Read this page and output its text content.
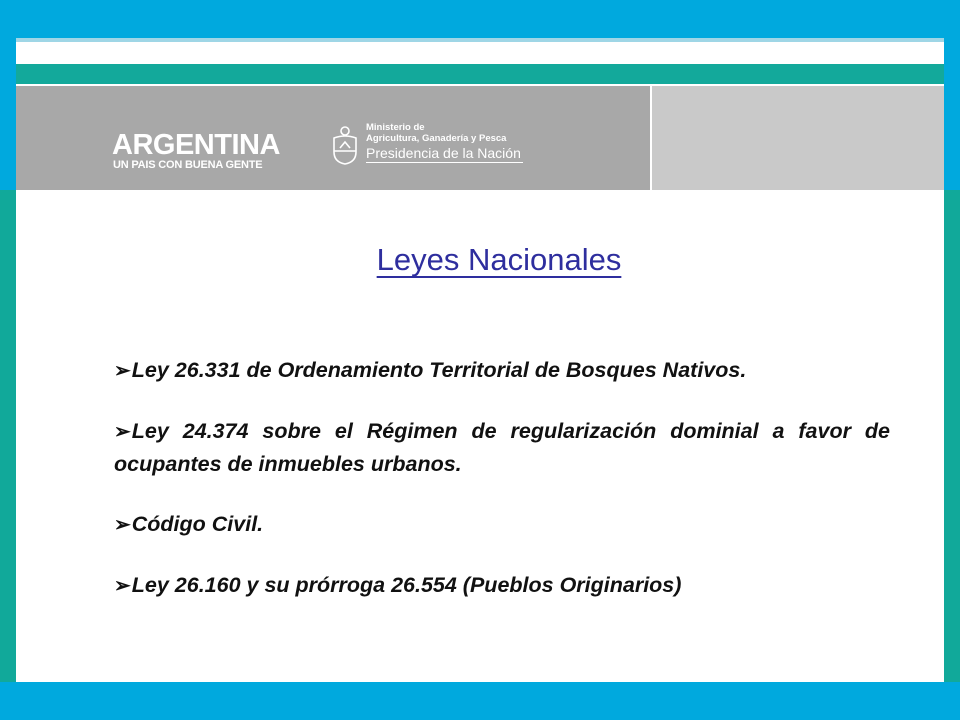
ARGENTINA
UN PAIS CON BUENA GENTE
Ministerio de
Agricultura, Ganadería y Pesca
Presidencia de la Nación
Leyes Nacionales

➢Ley 26.331 de Ordenamiento Territorial de Bosques Nativos.

➢Ley 24.374 sobre el Régimen de regularización dominial a favor de ocupantes de inmuebles urbanos.

➢Código Civil.

➢Ley 26.160 y su prórroga 26.554 (Pueblos Originarios)
